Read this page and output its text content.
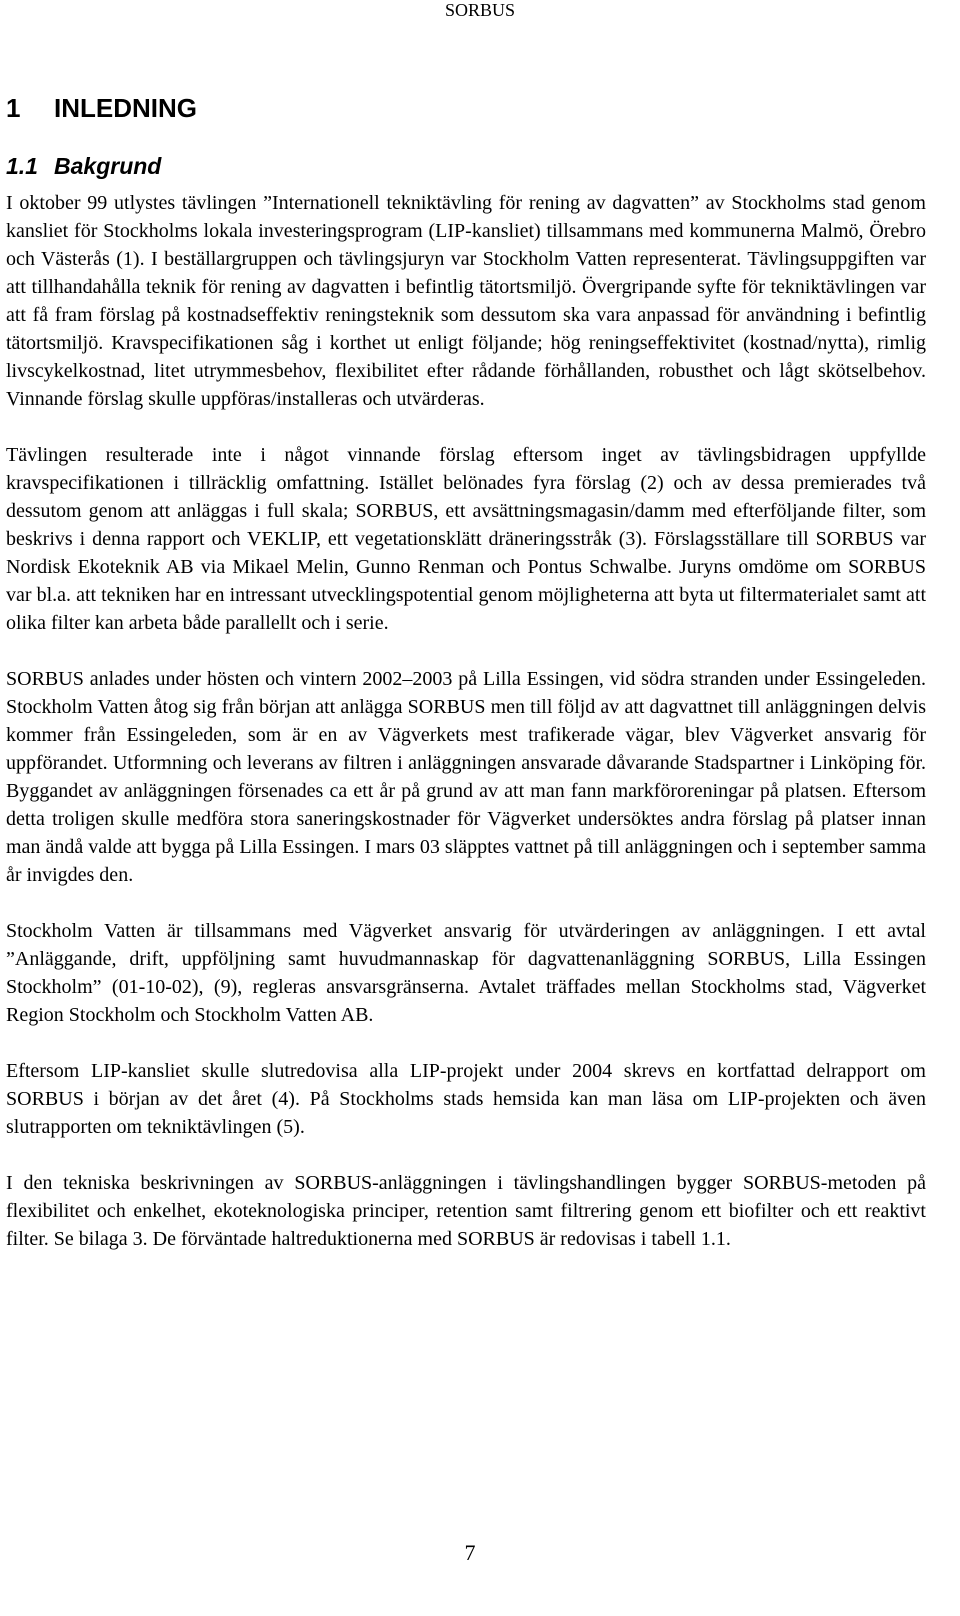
SORBUS
1 INLEDNING
1.1 Bakgrund

I oktober 99 utlystes tävlingen ”Internationell tekniktävling för rening av dagvatten” av Stockholms stad genom kansliet för Stockholms lokala investeringsprogram (LIP-kansliet) tillsammans med kommunerna Malmö, Örebro och Västerås (1). I beställargruppen och tävlingsjuryn var Stockholm Vatten representerat. Tävlingsuppgiften var att tillhandahålla teknik för rening av dagvatten i befintlig tätortsmiljö. Övergripande syfte för tekniktävlingen var att få fram förslag på kostnadseffektiv reningsteknik som dessutom ska vara anpassad för användning i befintlig tätortsmiljö. Kravspecifikationen såg i korthet ut enligt följande; hög reningseffektivitet (kostnad/nytta), rimlig livscykelkostnad, litet utrymmesbehov, flexibilitet efter rådande förhållanden, robusthet och lågt skötselbehov. Vinnande förslag skulle uppföras/installeras och utvärderas.

Tävlingen resulterade inte i något vinnande förslag eftersom inget av tävlingsbidragen uppfyllde kravspecifikationen i tillräcklig omfattning. Istället belönades fyra förslag (2) och av dessa premierades två dessutom genom att anläggas i full skala; SORBUS, ett avsättningsmagasin/damm med efterföljande filter, som beskrivs i denna rapport och VEKLIP, ett vegetationsklätt dräneringsstråk (3). Förslagsställare till SORBUS var Nordisk Ekoteknik AB via Mikael Melin, Gunno Renman och Pontus Schwalbe. Juryns omdöme om SORBUS var bl.a. att tekniken har en intressant utvecklingspotential genom möjligheterna att byta ut filtermaterialet samt att olika filter kan arbeta både parallellt och i serie.

SORBUS anlades under hösten och vintern 2002–2003 på Lilla Essingen, vid södra stranden under Essingeleden. Stockholm Vatten åtog sig från början att anlägga SORBUS men till följd av att dagvattnet till anläggningen delvis kommer från Essingeleden, som är en av Vägverkets mest trafikerade vägar, blev Vägverket ansvarig för uppförandet. Utformning och leverans av filtren i anläggningen ansvarade dåvarande Stadspartner i Linköping för. Byggandet av anläggningen försenades ca ett år på grund av att man fann markföroreningar på platsen. Eftersom detta troligen skulle medföra stora saneringskostnader för Vägverket undersöktes andra förslag på platser innan man ändå valde att bygga på Lilla Essingen. I mars 03 släpptes vattnet på till anläggningen och i september samma år invigdes den.

Stockholm Vatten är tillsammans med Vägverket ansvarig för utvärderingen av anläggningen. I ett avtal ”Anläggande, drift, uppföljning samt huvudmannaskap för dagvattenanläggning SORBUS, Lilla Essingen Stockholm” (01-10-02), (9), regleras ansvarsgränserna. Avtalet träffades mellan Stockholms stad, Vägverket Region Stockholm och Stockholm Vatten AB.

Eftersom LIP-kansliet skulle slutredovisa alla LIP-projekt under 2004 skrevs en kortfattad delrapport om SORBUS i början av det året (4). På Stockholms stads hemsida kan man läsa om LIP-projekten och även slutrapporten om tekniktävlingen (5).

I den tekniska beskrivningen av SORBUS-anläggningen i tävlingshandlingen bygger SORBUS-metoden på flexibilitet och enkelhet, ekoteknologiska principer, retention samt filtrering genom ett biofilter och ett reaktivt filter. Se bilaga 3. De förväntade haltreduktionerna med SORBUS är redovisas i tabell 1.1.

7
